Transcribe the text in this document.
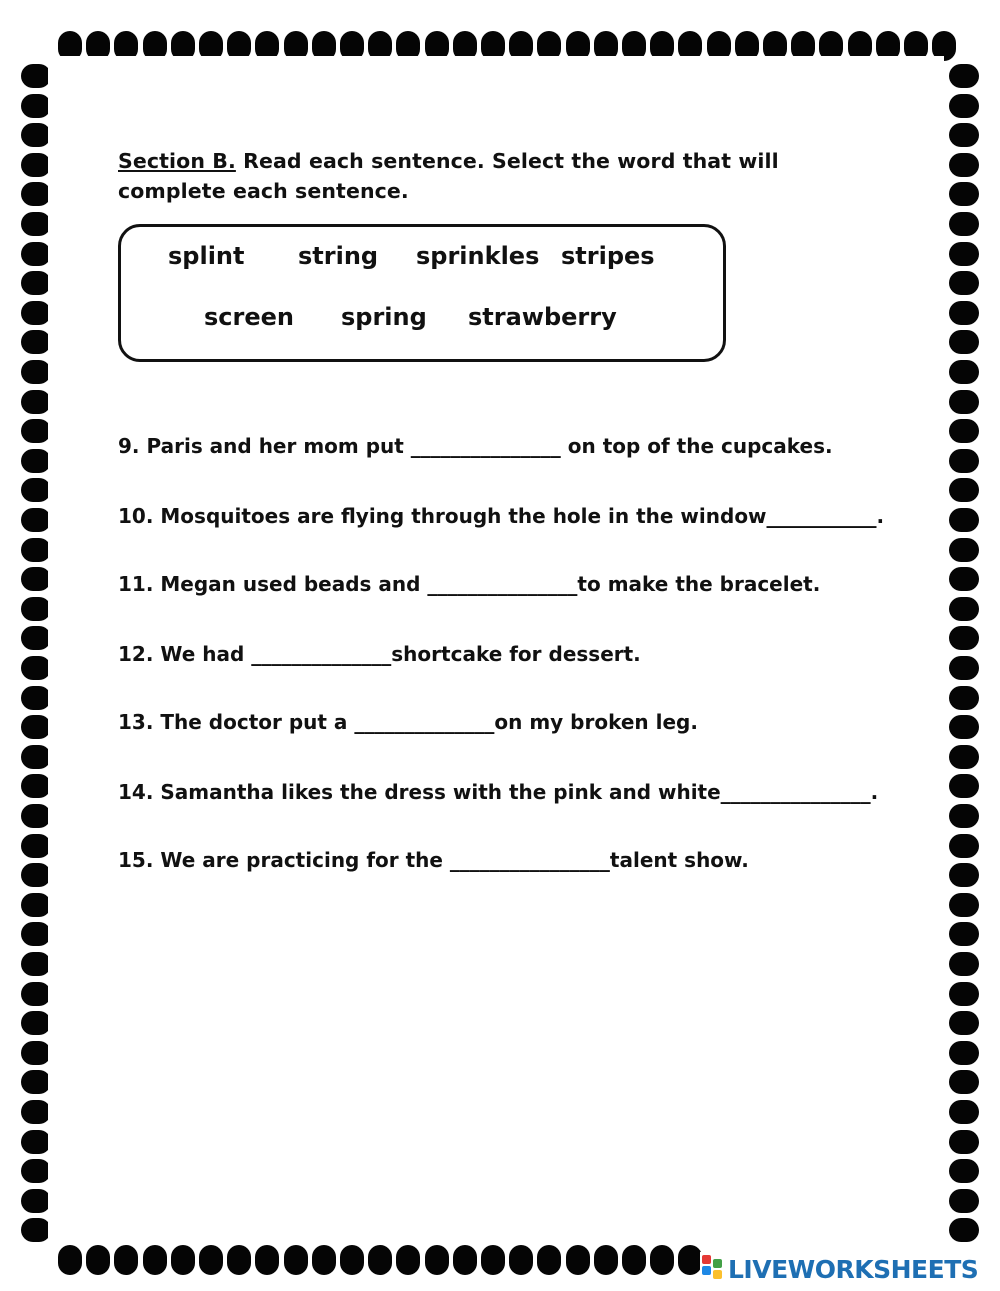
Section B. Read each sentence. Select the word that will complete each sentence.
splint string sprinkles stripes
screen spring strawberry
9. Paris and her mom put _______________ on top of the cupcakes.
10. Mosquitoes are flying through the hole in the window___________.
11. Megan used beads and _______________to make the bracelet.
12. We had ______________shortcake for dessert.
13. The doctor put a ______________on my broken leg.
14. Samantha likes the dress with the pink and white_______________.
15. We are practicing for the ________________talent show.
LIVEWORKSHEETS
